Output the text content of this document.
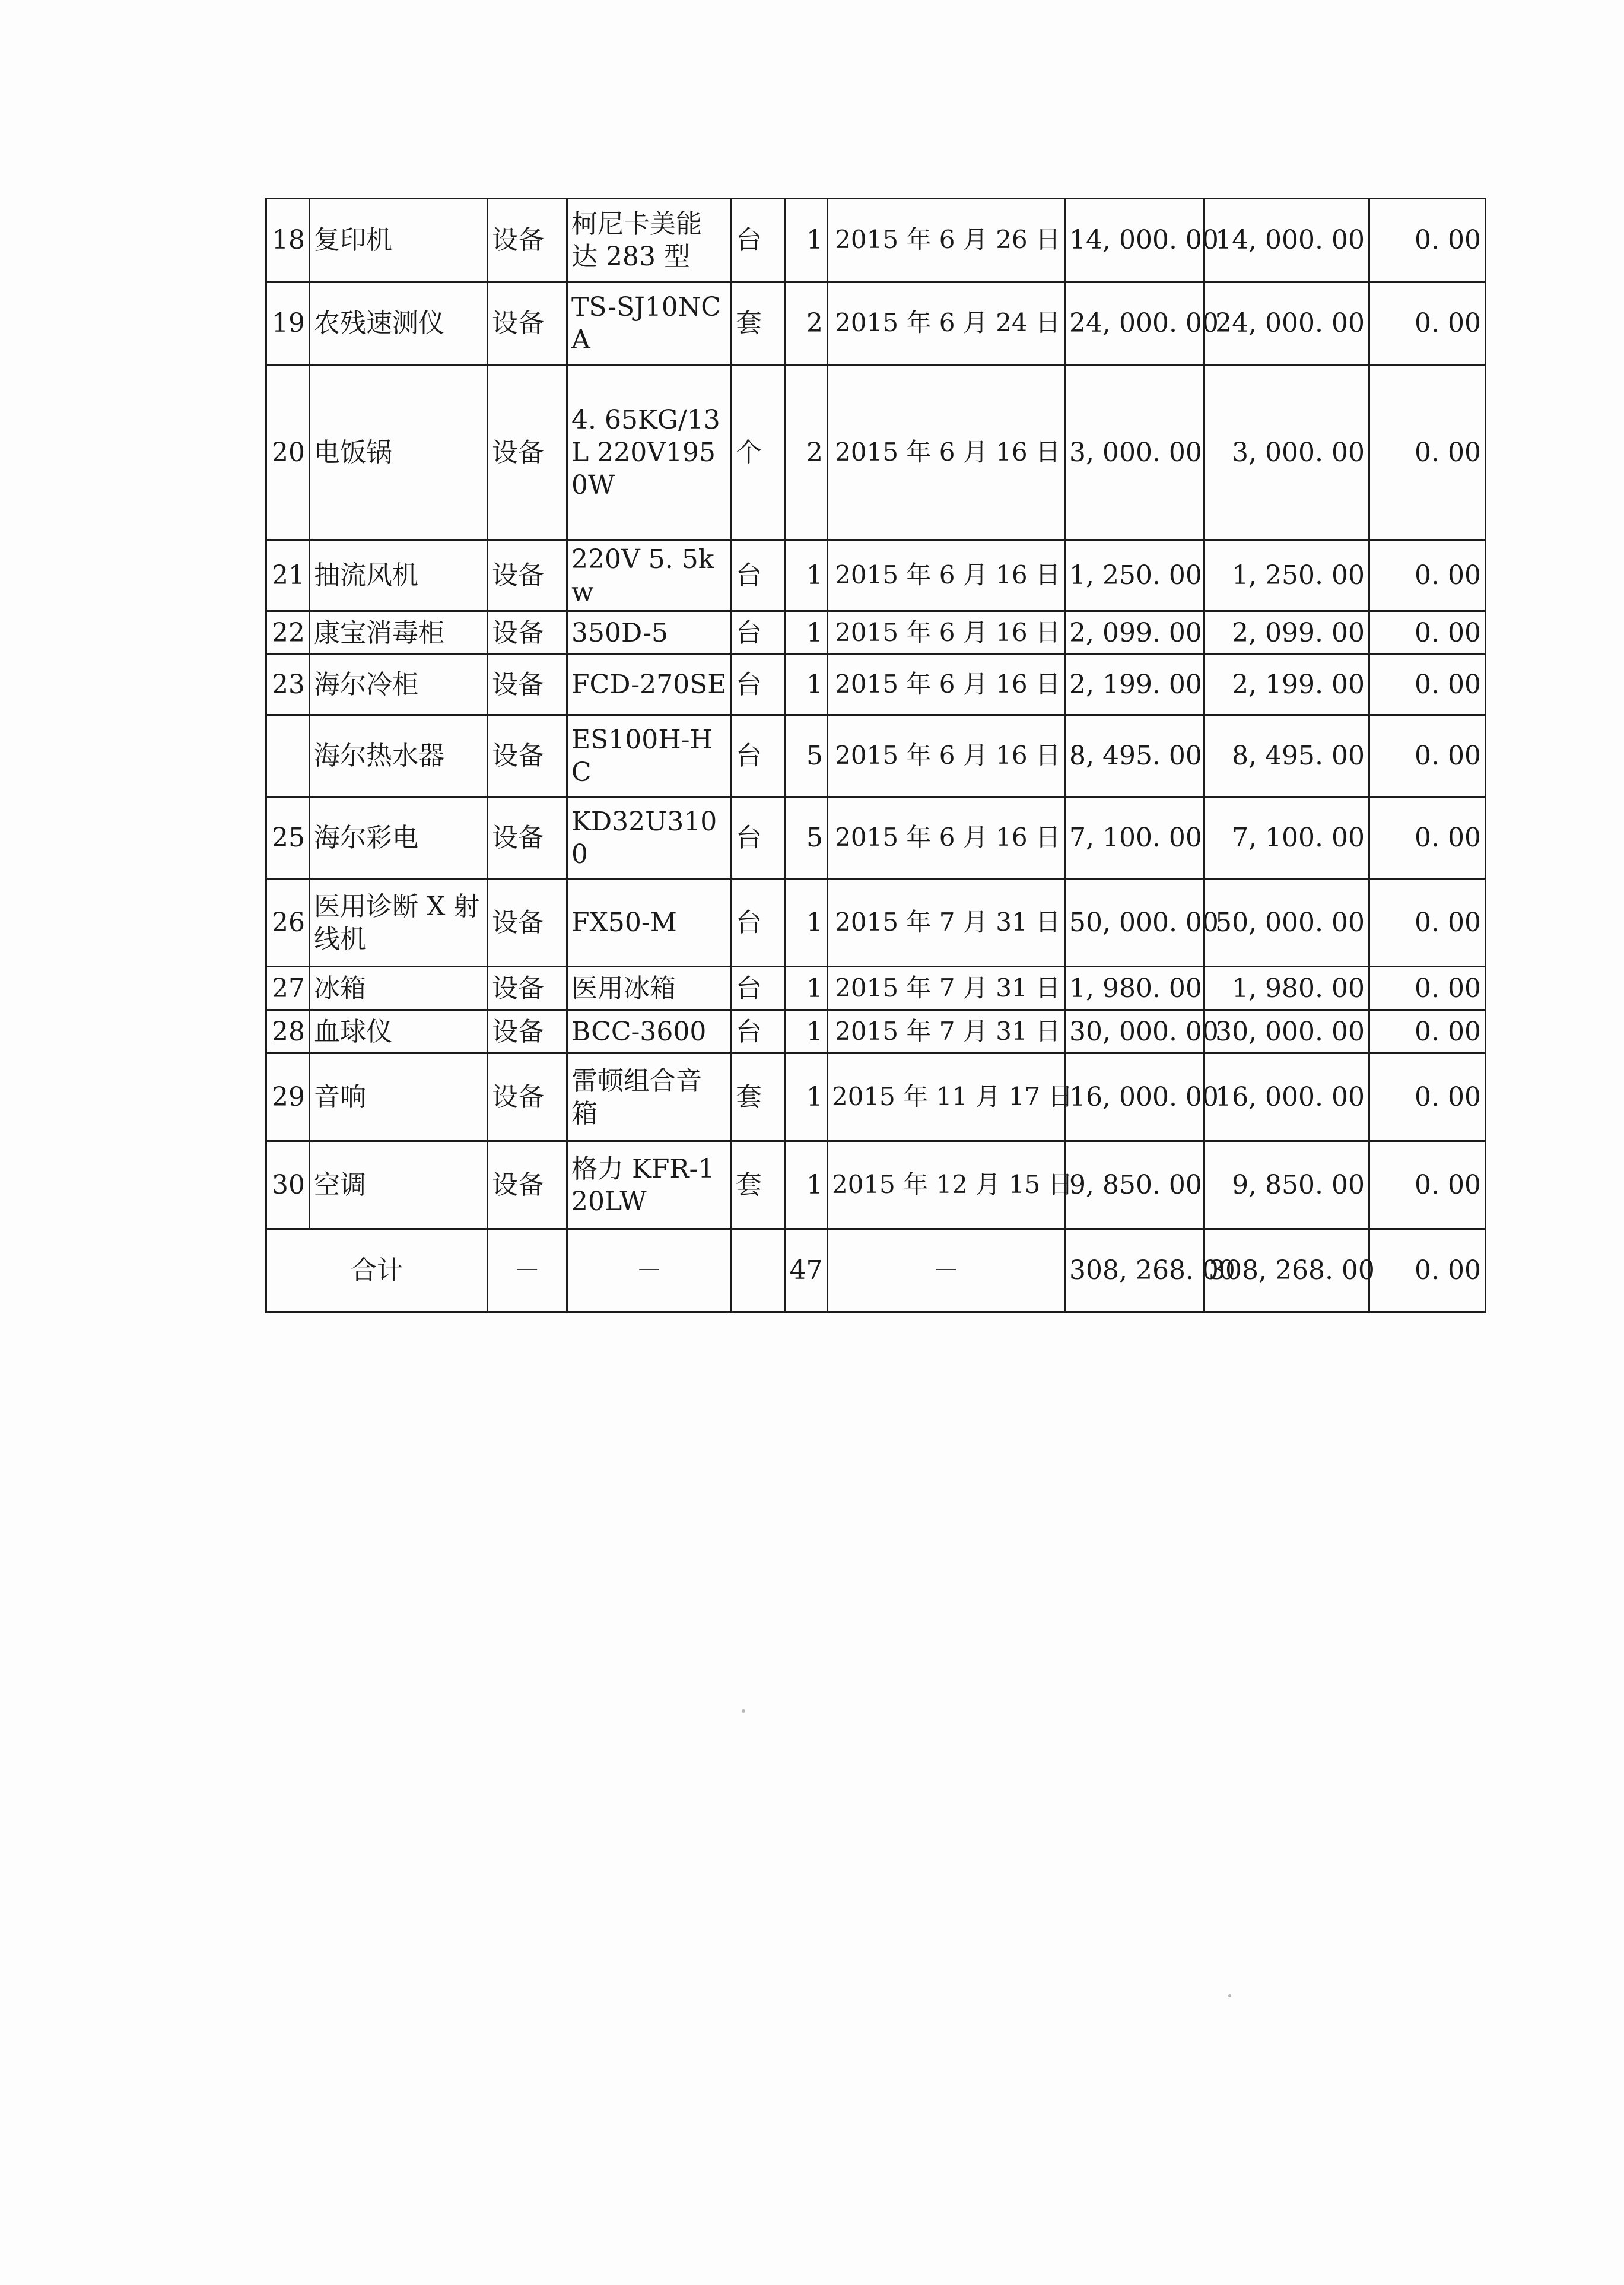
18	复印机	设备	柯尼卡美能达 283 型	台	1	2015 年 6 月 26 日	14, 000. 00	14, 000. 00	0. 00
19	农残速测仪	设备	TS-SJ10NCA	套	2	2015 年 6 月 24 日	24, 000. 00	24, 000. 00	0. 00
20	电饭锅	设备	4. 65KG/13L 220V1950W	个	2	2015 年 6 月 16 日	3, 000. 00	3, 000. 00	0. 00
21	抽流风机	设备	220V 5. 5kw	台	1	2015 年 6 月 16 日	1, 250. 00	1, 250. 00	0. 00
22	康宝消毒柜	设备	350D-5	台	1	2015 年 6 月 16 日	2, 099. 00	2, 099. 00	0. 00
23	海尔冷柜	设备	FCD-270SE	台	1	2015 年 6 月 16 日	2, 199. 00	2, 199. 00	0. 00
	海尔热水器	设备	ES100H-HC	台	5	2015 年 6 月 16 日	8, 495. 00	8, 495. 00	0. 00
25	海尔彩电	设备	KD32U3100	台	5	2015 年 6 月 16 日	7, 100. 00	7, 100. 00	0. 00
26	医用诊断 X 射线机	设备	FX50-M	台	1	2015 年 7 月 31 日	50, 000. 00	50, 000. 00	0. 00
27	冰箱	设备	医用冰箱	台	1	2015 年 7 月 31 日	1, 980. 00	1, 980. 00	0. 00
28	血球仪	设备	BCC-3600	台	1	2015 年 7 月 31 日	30, 000. 00	30, 000. 00	0. 00
29	音响	设备	雷顿组合音箱	套	1	2015 年 11 月 17 日	16, 000. 00	16, 000. 00	0. 00
30	空调	设备	格力 KFR-120LW	套	1	2015 年 12 月 15 日	9, 850. 00	9, 850. 00	0. 00
合计		－	－		47	－	308, 268. 00	308, 268. 00	0. 00
